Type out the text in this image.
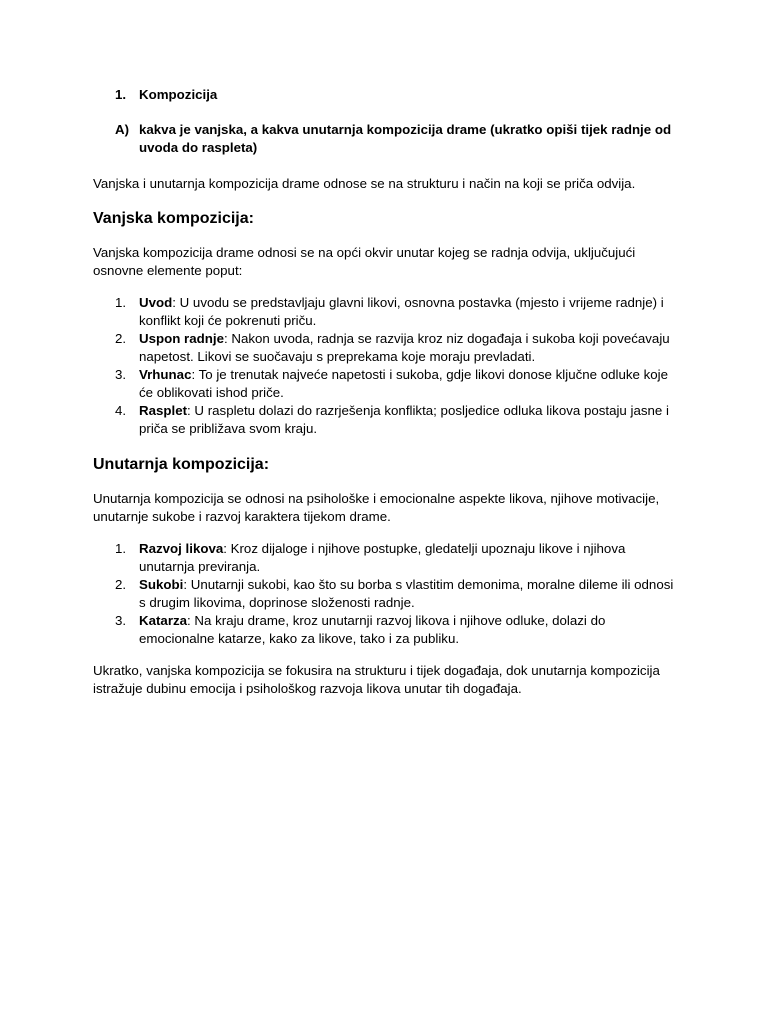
1. Kompozicija
A) kakva je vanjska, a kakva unutarnja kompozicija drame (ukratko opiši tijek radnje od uvoda do raspleta)

Vanjska i unutarnja kompozicija drame odnose se na strukturu i način na koji se priča odvija.

Vanjska kompozicija:

Vanjska kompozicija drame odnosi se na opći okvir unutar kojeg se radnja odvija, uključujući osnovne elemente poput:

1. Uvod: U uvodu se predstavljaju glavni likovi, osnovna postavka (mjesto i vrijeme radnje) i konflikt koji će pokrenuti priču.
2. Uspon radnje: Nakon uvoda, radnja se razvija kroz niz događaja i sukoba koji povećavaju napetost. Likovi se suočavaju s preprekama koje moraju prevladati.
3. Vrhunac: To je trenutak najveće napetosti i sukoba, gdje likovi donose ključne odluke koje će oblikovati ishod priče.
4. Rasplet: U raspletu dolazi do razrješenja konflikta; posljedice odluka likova postaju jasne i priča se približava svom kraju.
Unutarnja kompozicija:

Unutarnja kompozicija se odnosi na psihološke i emocionalne aspekte likova, njihove motivacije, unutarnje sukobe i razvoj karaktera tijekom drame.

1. Razvoj likova: Kroz dijaloge i njihove postupke, gledatelji upoznaju likove i njihova unutarnja previranja.
2. Sukobi: Unutarnji sukobi, kao što su borba s vlastitim demonima, moralne dileme ili odnosi s drugim likovima, doprinose složenosti radnje.
3. Katarza: Na kraju drame, kroz unutarnji razvoj likova i njihove odluke, dolazi do emocionalne katarze, kako za likove, tako i za publiku.

Ukratko, vanjska kompozicija se fokusira na strukturu i tijek događaja, dok unutarnja kompozicija istražuje dubinu emocija i psihološkog razvoja likova unutar tih događaja.
